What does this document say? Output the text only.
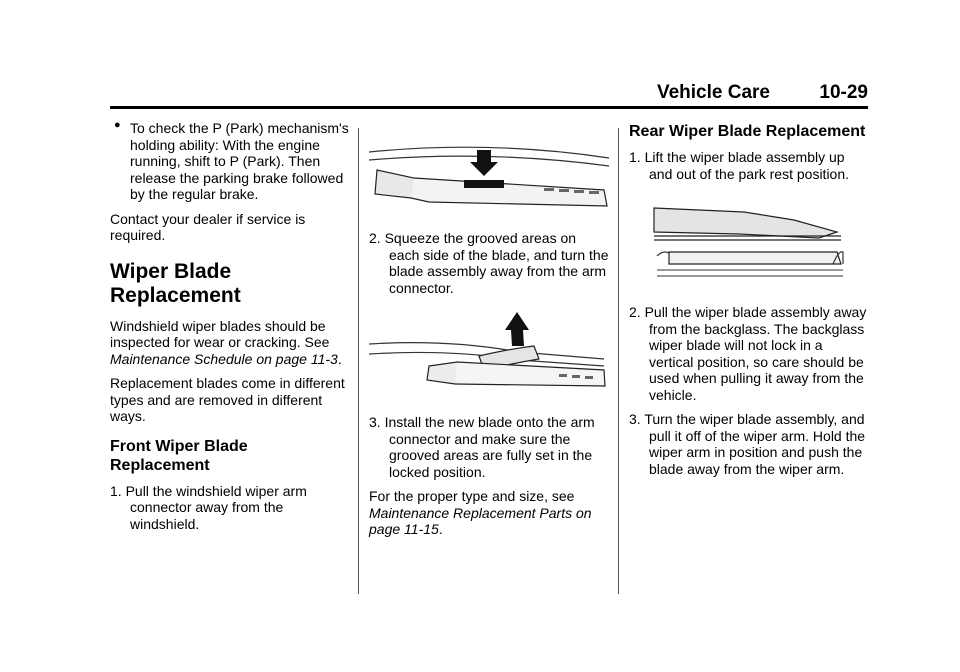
Vehicle Care	10-29

● To check the P (Park) mechanism's holding ability: With the engine running, shift to P (Park). Then release the parking brake followed by the regular brake.

Contact your dealer if service is required.

Wiper Blade Replacement

Windshield wiper blades should be inspected for wear or cracking. See Maintenance Schedule on page 11-3.

Replacement blades come in different types and are removed in different ways.

Front Wiper Blade Replacement

1. Pull the windshield wiper arm connector away from the windshield.

2. Squeeze the grooved areas on each side of the blade, and turn the blade assembly away from the arm connector.

3. Install the new blade onto the arm connector and make sure the grooved areas are fully set in the locked position.

For the proper type and size, see Maintenance Replacement Parts on page 11-15.

Rear Wiper Blade Replacement

1. Lift the wiper blade assembly up and out of the park rest position.

2. Pull the wiper blade assembly away from the backglass. The backglass wiper blade will not lock in a vertical position, so care should be used when pulling it away from the vehicle.

3. Turn the wiper blade assembly, and pull it off of the wiper arm. Hold the wiper arm in position and push the blade away from the wiper arm.
